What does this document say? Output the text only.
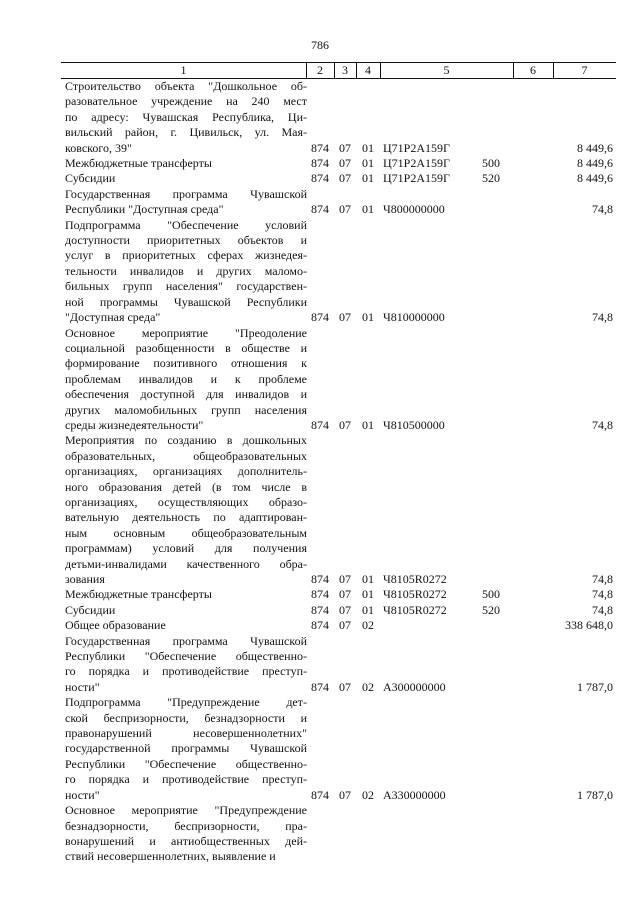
786
1	2	3	4	5	6	7
Строительство объекта "Дошкольное об-
разовательное учреждение на 240 мест
по адресу: Чувашская Республика, Ци-
вильский район, г. Цивильск, ул. Мая-
ковского, 39"	874 07 01 Ц71Р2А159Г	8 449,6
Межбюджетные трансферты	874 07 01 Ц71Р2А159Г	500	8 449,6
Субсидии	874 07 01 Ц71Р2А159Г	520	8 449,6
Государственная программа Чувашской
Республики "Доступная среда"	874 07 01 Ч800000000	74,8
Подпрограмма "Обеспечение условий
доступности приоритетных объектов и
услуг в приоритетных сферах жизнедея-
тельности инвалидов и других маломо-
бильных групп населения" государствен-
ной программы Чувашской Республики
"Доступная среда"	874 07 01 Ч810000000	74,8
Основное мероприятие "Преодоление
социальной разобщенности в обществе и
формирование позитивного отношения к
проблемам инвалидов и к проблеме
обеспечения доступной для инвалидов и
других маломобильных групп населения
среды жизнедеятельности"	874 07 01 Ч810500000	74,8
Мероприятия по созданию в дошкольных
образовательных, общеобразовательных
организациях, организациях дополнитель-
ного образования детей (в том числе в
организациях, осуществляющих образо-
вательную деятельность по адаптирован-
ным основным общеобразовательным
программам) условий для получения
детьми-инвалидами качественного обра-
зования	874 07 01 Ч8105R0272	74,8
Межбюджетные трансферты	874 07 01 Ч8105R0272	500	74,8
Субсидии	874 07 01 Ч8105R0272	520	74,8
Общее образование	874 07 02	338 648,0
Государственная программа Чувашской
Республики "Обеспечение общественно-
го порядка и противодействие преступ-
ности"	874 07 02 А300000000	1 787,0
Подпрограмма "Предупреждение дет-
ской беспризорности, безнадзорности и
правонарушений несовершеннолетних"
государственной программы Чувашской
Республики "Обеспечение общественно-
го порядка и противодействие преступ-
ности"	874 07 02 А330000000	1 787,0
Основное мероприятие "Предупреждение
безнадзорности, беспризорности, пра-
вонарушений и антиобщественных дей-
ствий несовершеннолетних, выявление и
